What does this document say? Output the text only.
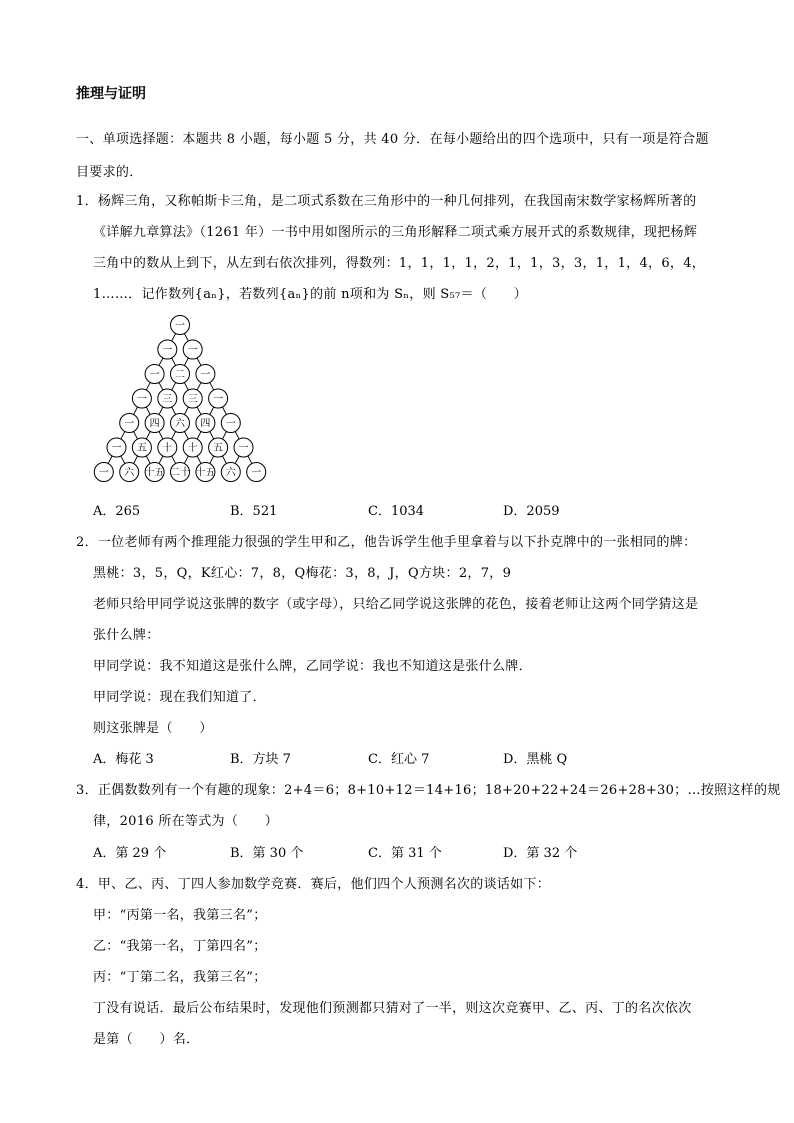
推理与证明
一、单项选择题：本题共 8 小题，每小题 5 分，共 40 分．在每小题给出的四个选项中，只有一项是符合题
目要求的．
1．杨辉三角，又称帕斯卡三角，是二项式系数在三角形中的一种几何排列，在我国南宋数学家杨辉所著的
《详解九章算法》（1261 年）一书中用如图所示的三角形解释二项式乘方展开式的系数规律，现把杨辉
三角中的数从上到下，从左到右依次排列，得数列：1，1，1，1，2，1，1，3，3，1，1，4，6，4，
1……．记作数列{aₙ}，若数列{aₙ}的前 n项和为 Sₙ，则 S₅₇＝（　　）
一
一 一
一 二 一
一 三 三 一
一 四 六 四 一
一 五 十 十 五 一
一 六 十五 二十 十五 六 一
A．265	B．521	C．1034	D．2059
2．一位老师有两个推理能力很强的学生甲和乙，他告诉学生他手里拿着与以下扑克牌中的一张相同的牌：
黑桃：3，5，Q，K红心：7，8，Q梅花：3，8，J，Q方块：2，7，9
老师只给甲同学说这张牌的数字（或字母），只给乙同学说这张牌的花色，接着老师让这两个同学猜这是
张什么牌：
甲同学说：我不知道这是张什么牌，乙同学说：我也不知道这是张什么牌．
甲同学说：现在我们知道了．
则这张牌是（　　）
A．梅花 3	B．方块 7	C．红心 7	D．黑桃 Q
3．正偶数数列有一个有趣的现象：2+4＝6；8+10+12＝14+16；18+20+22+24＝26+28+30；…按照这样的规
律，2016 所在等式为（　　）
A．第 29 个	B．第 30 个	C．第 31 个	D．第 32 个
4．甲、乙、丙、丁四人参加数学竞赛．赛后，他们四个人预测名次的谈话如下：
甲：“丙第一名，我第三名”；
乙：“我第一名，丁第四名”；
丙：“丁第二名，我第三名”；
丁没有说话．最后公布结果时，发现他们预测都只猜对了一半，则这次竞赛甲、乙、丙、丁的名次依次
是第（　　）名．
